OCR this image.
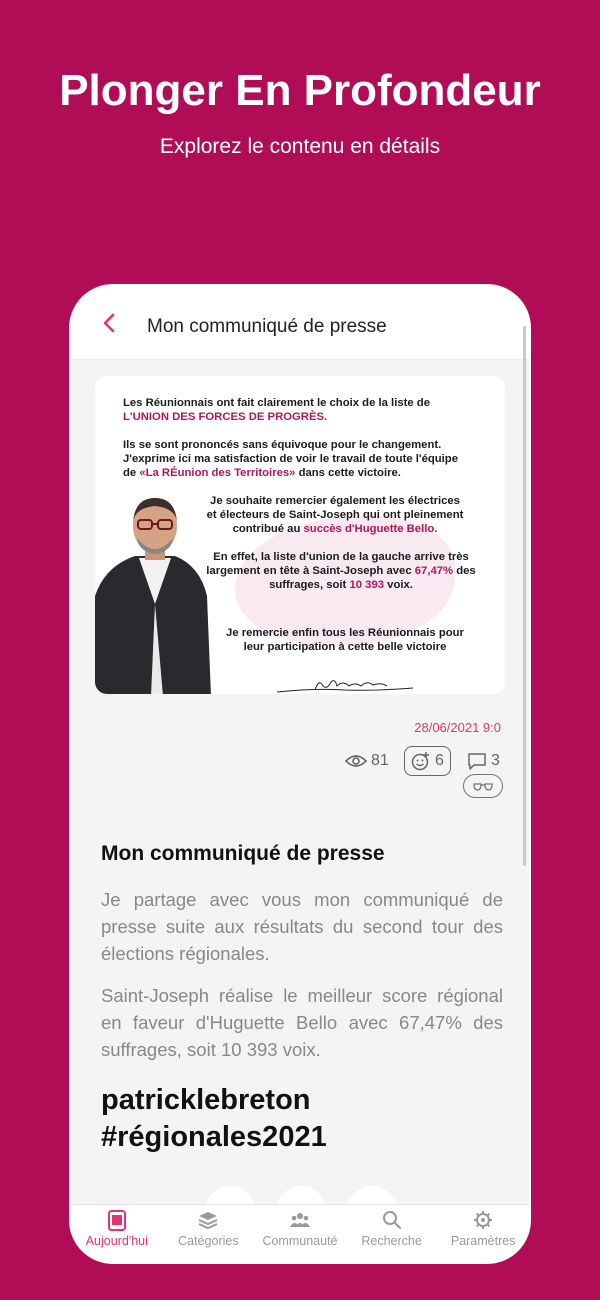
Plonger En Profondeur
Explorez le contenu en détails
Mon communiqué de presse
Les Réunionnais ont fait clairement le choix de la liste de
L'UNION DES FORCES DE PROGRÈS.
Ils se sont prononcés sans équivoque pour le changement.
J'exprime ici ma satisfaction de voir le travail de toute l'équipe
de «La RÉunion des Territoires» dans cette victoire.
Je souhaite remercier également les électrices et électeurs de Saint-Joseph qui ont pleinement contribué au succès d'Huguette Bello.
En effet, la liste d'union de la gauche arrive très largement en tête à Saint-Joseph avec 67,47% des suffrages, soit 10 393 voix.
Je remercie enfin tous les Réunionnais pour leur participation à cette belle victoire
28/06/2021 9:0
81	6	3
Mon communiqué de presse
Je partage avec vous mon communiqué de presse suite aux résultats du second tour des élections régionales.
Saint-Joseph réalise le meilleur score régional en faveur d'Huguette Bello avec 67,47% des suffrages, soit 10 393 voix.
patricklebreton
#régionales2021
Aujourd'hui Catégories Communauté Recherche Paramètres
